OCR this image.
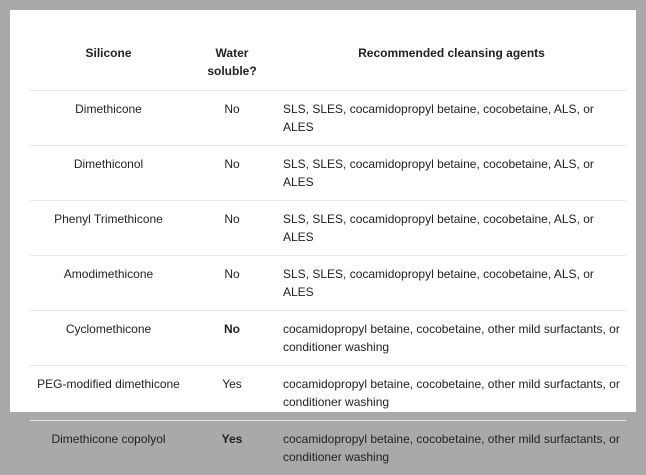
Silicone	Water soluble?	Recommended cleansing agents
Dimethicone	No	SLS, SLES, cocamidopropyl betaine, cocobetaine, ALS, or ALES
Dimethiconol	No	SLS, SLES, cocamidopropyl betaine, cocobetaine, ALS, or ALES
Phenyl Trimethicone	No	SLS, SLES, cocamidopropyl betaine, cocobetaine, ALS, or ALES
Amodimethicone	No	SLS, SLES, cocamidopropyl betaine, cocobetaine, ALS, or ALES
Cyclomethicone	No	cocamidopropyl betaine, cocobetaine, other mild surfactants, or conditioner washing
PEG-modified dimethicone	Yes	cocamidopropyl betaine, cocobetaine, other mild surfactants, or conditioner washing
Dimethicone copolyol	Yes	cocamidopropyl betaine, cocobetaine, other mild surfactants, or conditioner washing
